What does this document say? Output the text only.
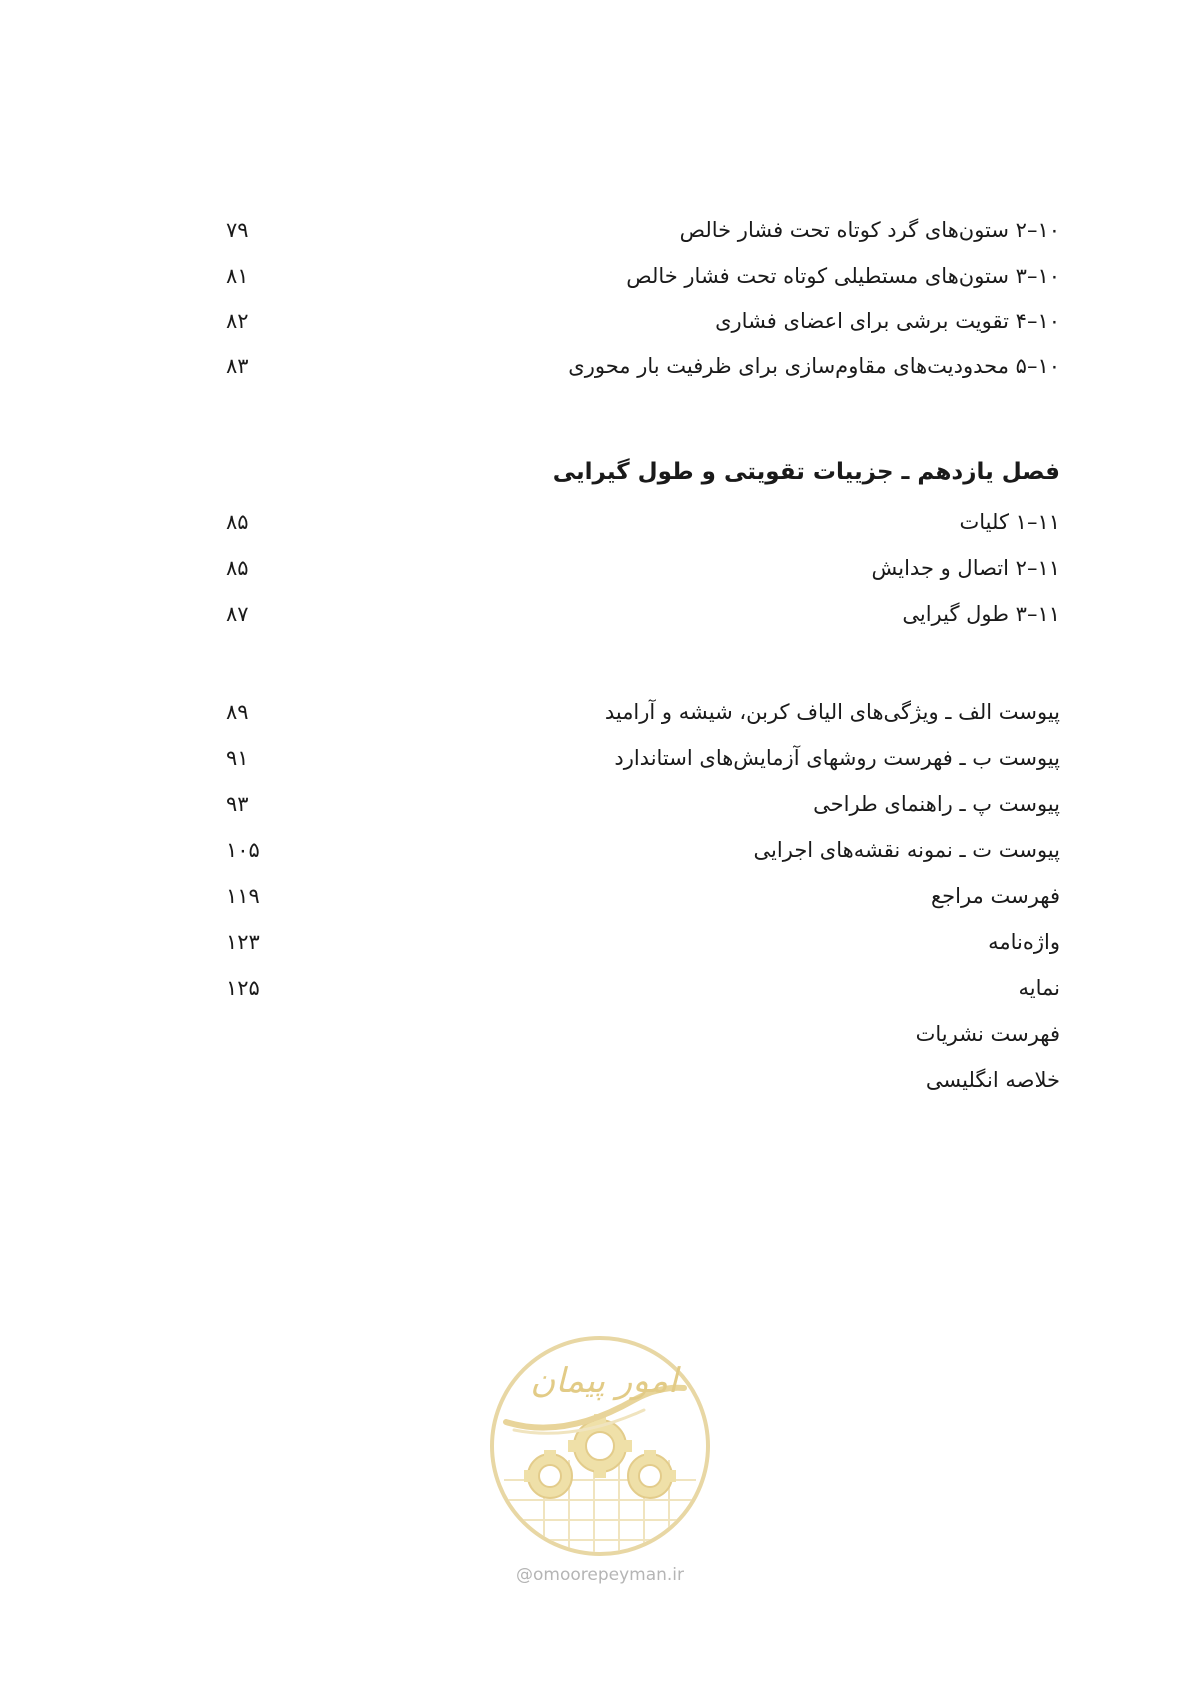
۱۰–۲ ستون‌های گرد کوتاه تحت فشار خالص
۷۹
۱۰–۳ ستون‌های مستطیلی کوتاه تحت فشار خالص
۸۱
۱۰–۴ تقویت برشی برای اعضای فشاری
۸۲
۱۰–۵ محدودیت‌های مقاوم‌سازی برای ظرفیت بار محوری
۸۳
فصل یازدهم ـ جزییات تقویتی و طول گیرایی
۱۱–۱ کلیات
۸۵
۱۱–۲ اتصال و جدایش
۸۵
۱۱–۳ طول گیرایی
۸۷
پیوست الف ـ ویژگی‌های الیاف کربن، شیشه و آرامید
۸۹
پیوست ب ـ فهرست روشهای آزمایش‌های استاندارد
۹۱
پیوست پ ـ راهنمای طراحی
۹۳
پیوست ت ـ نمونه نقشه‌های اجرایی
۱۰۵
فهرست مراجع
۱۱۹
واژه‌نامه
۱۲۳
نمایه
۱۲۵
فهرست نشریات
خلاصه انگلیسی
امور پیمان
@omoorepeyman.ir
